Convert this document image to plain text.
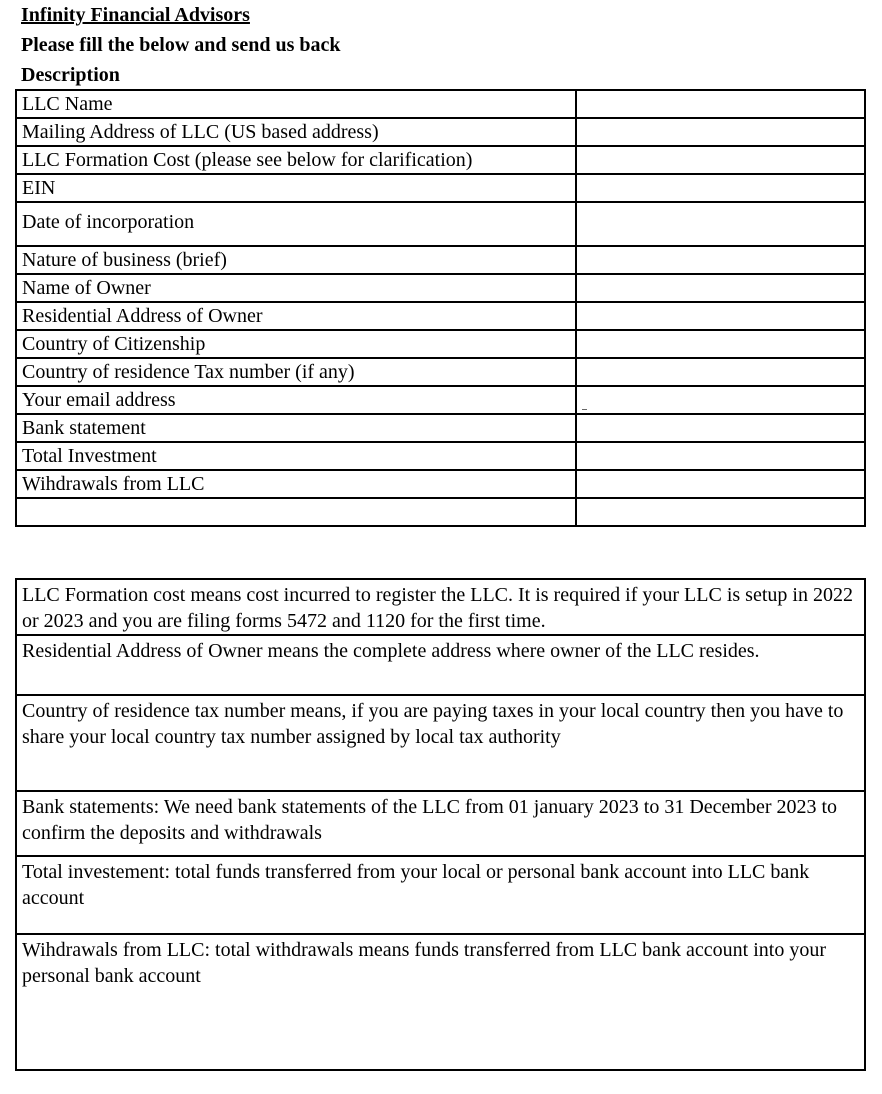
Infinity Financial Advisors
Please fill the below and send us back
Description
LLC Name	
Mailing Address of LLC (US based address)	
LLC Formation Cost (please see below for clarification)	
EIN	
Date of incorporation	
Nature of business (brief)	
Name of Owner	
Residential Address of Owner	
Country of Citizenship	
Country of residence Tax number (if any)	
Your email address	
Bank statement	
Total Investment	
Wihdrawals from LLC	

LLC Formation cost means cost incurred to register the LLC. It is required if your LLC is setup in 2022 or 2023 and you are filing forms 5472 and 1120 for the first time.
Residential Address of Owner means the complete address where owner of the LLC resides.
Country of residence tax number means, if you are paying taxes in your local country then you have to share your local country tax number assigned by local tax authority
Bank statements: We need bank statements of the LLC from 01 january 2023 to 31 December 2023 to confirm the deposits and withdrawals
Total investement: total funds transferred from your local or personal bank account into LLC bank account
Wihdrawals from LLC: total withdrawals means funds transferred from LLC bank account into your personal bank account
